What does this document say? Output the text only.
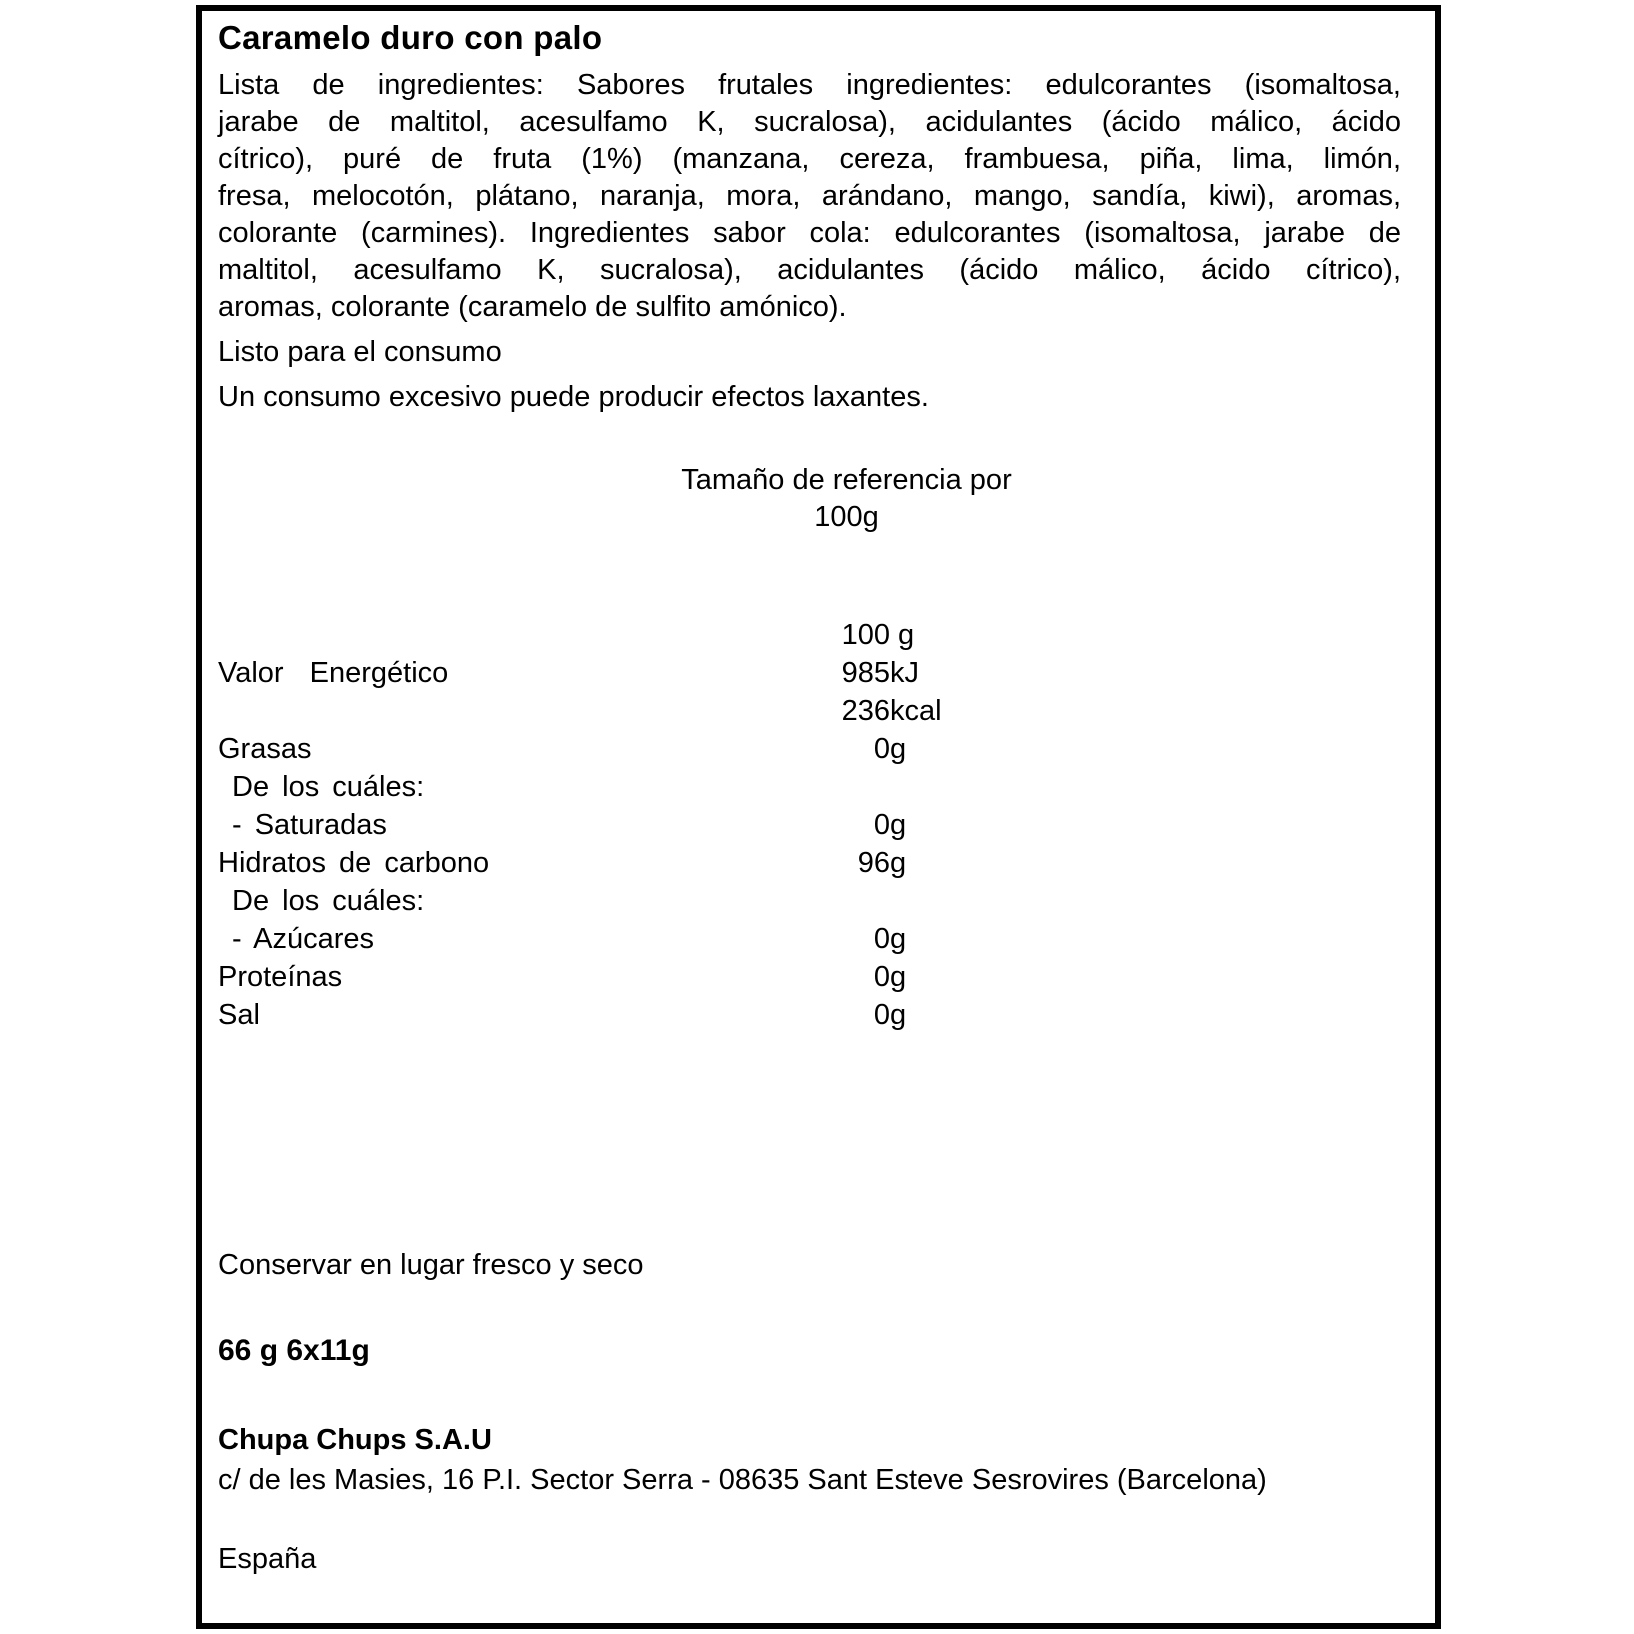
Caramelo duro con palo
Lista de ingredientes: Sabores frutales ingredientes: edulcorantes (isomaltosa,
jarabe de maltitol, acesulfamo K, sucralosa), acidulantes (ácido málico, ácido
cítrico), puré de fruta (1%) (manzana, cereza, frambuesa, piña, lima, limón,
fresa, melocotón, plátano, naranja, mora, arándano, mango, sandía, kiwi), aromas,
colorante (carmines). Ingredientes sabor cola: edulcorantes (isomaltosa, jarabe de
maltitol, acesulfamo K, sucralosa), acidulantes (ácido málico, ácido cítrico),
aromas, colorante (caramelo de sulfito amónico).
Listo para el consumo
Un consumo excesivo puede producir efectos laxantes.
Tamaño de referencia por
100g
100 g
Valor  Energético	985kJ
236kcal
Grasas	0g
De los cuáles:
- Saturadas	0g
Hidratos de carbono	96g
De los cuáles:
- Azúcares	0g
Proteínas	0g
Sal	0g
Conservar en lugar fresco y seco
66 g 6x11g
Chupa Chups S.A.U
c/ de les Masies, 16 P.I. Sector Serra - 08635 Sant Esteve Sesrovires (Barcelona)
España
